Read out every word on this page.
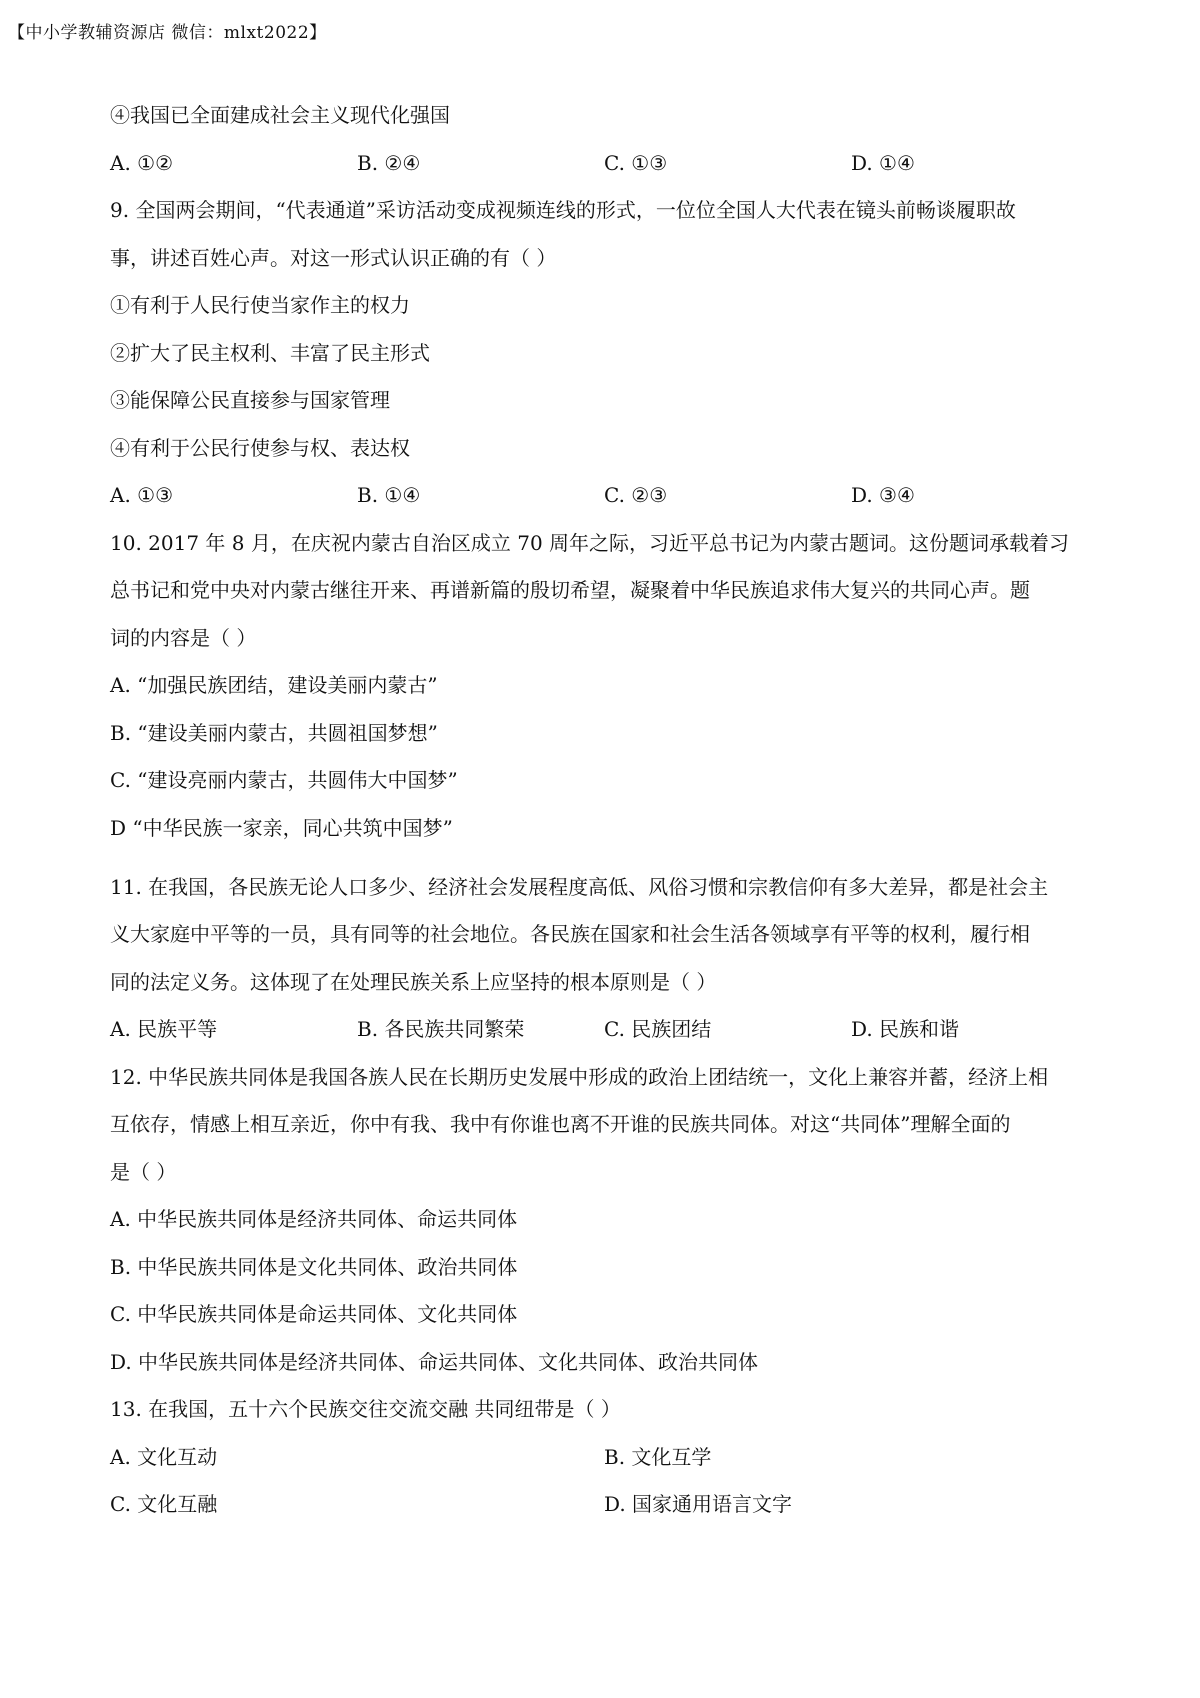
【中小学教辅资源店 微信：mlxt2022】
④我国已全面建成社会主义现代化强国
A. ①②	B. ②④	C. ①③	D. ①④
9. 全国两会期间，“代表通道”采访活动变成视频连线的形式，一位位全国人大代表在镜头前畅谈履职故
事，讲述百姓心声。对这一形式认识正确的有（ ）
①有利于人民行使当家作主的权力
②扩大了民主权利、丰富了民主形式
③能保障公民直接参与国家管理
④有利于公民行使参与权、表达权
A. ①③	B. ①④	C. ②③	D. ③④
10. 2017 年 8 月，在庆祝内蒙古自治区成立 70 周年之际，习近平总书记为内蒙古题词。这份题词承载着习
总书记和党中央对内蒙古继往开来、再谱新篇的殷切希望，凝聚着中华民族追求伟大复兴的共同心声。题
词的内容是（ ）
A. “加强民族团结，建设美丽内蒙古”
B. “建设美丽内蒙古，共圆祖国梦想”
C. “建设亮丽内蒙古，共圆伟大中国梦”
D “中华民族一家亲，同心共筑中国梦”
11. 在我国，各民族无论人口多少、经济社会发展程度高低、风俗习惯和宗教信仰有多大差异，都是社会主
义大家庭中平等的一员，具有同等的社会地位。各民族在国家和社会生活各领域享有平等的权利，履行相
同的法定义务。这体现了在处理民族关系上应坚持的根本原则是（ ）
A. 民族平等	B. 各民族共同繁荣	C. 民族团结	D. 民族和谐
12. 中华民族共同体是我国各族人民在长期历史发展中形成的政治上团结统一，文化上兼容并蓄，经济上相
互依存，情感上相互亲近，你中有我、我中有你谁也离不开谁的民族共同体。对这“共同体”理解全面的
是（ ）
A. 中华民族共同体是经济共同体、命运共同体
B. 中华民族共同体是文化共同体、政治共同体
C. 中华民族共同体是命运共同体、文化共同体
D. 中华民族共同体是经济共同体、命运共同体、文化共同体、政治共同体
13. 在我国，五十六个民族交往交流交融 共同纽带是（ ）
A. 文化互动	B. 文化互学
C. 文化互融	D. 国家通用语言文字
